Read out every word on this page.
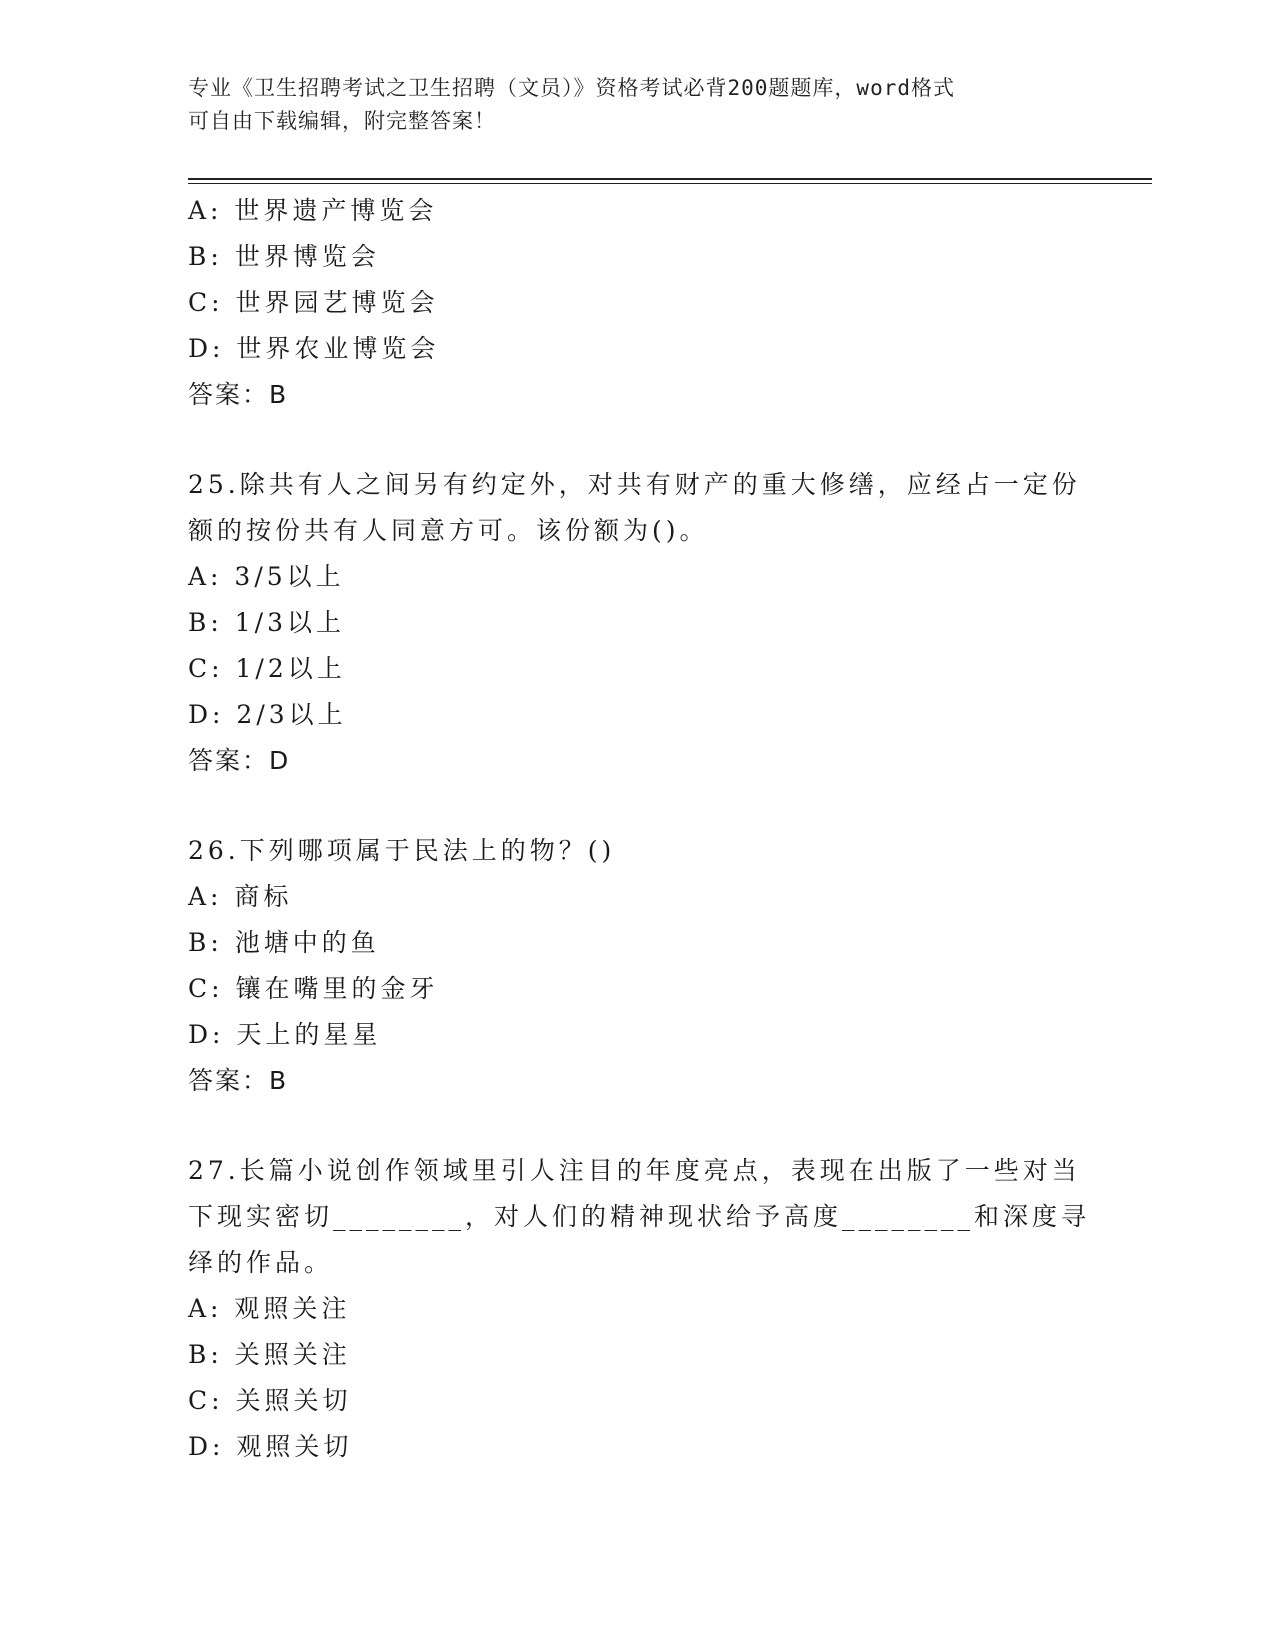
专业《卫生招聘考试之卫生招聘（文员）》资格考试必背200题题库，word格式
可自由下载编辑，附完整答案！
A: 世界遗产博览会
B: 世界博览会
C: 世界园艺博览会
D: 世界农业博览会
答案：B
25.除共有人之间另有约定外，对共有财产的重大修缮，应经占一定份
额的按份共有人同意方可。该份额为()。
A: 3/5以上
B: 1/3以上
C: 1/2以上
D: 2/3以上
答案：D
26.下列哪项属于民法上的物？()
A: 商标
B: 池塘中的鱼
C: 镶在嘴里的金牙
D: 天上的星星
答案：B
27.长篇小说创作领域里引人注目的年度亮点，表现在出版了一些对当
下现实密切________，对人们的精神现状给予高度________和深度寻
绎的作品。
A: 观照关注
B: 关照关注
C: 关照关切
D: 观照关切
